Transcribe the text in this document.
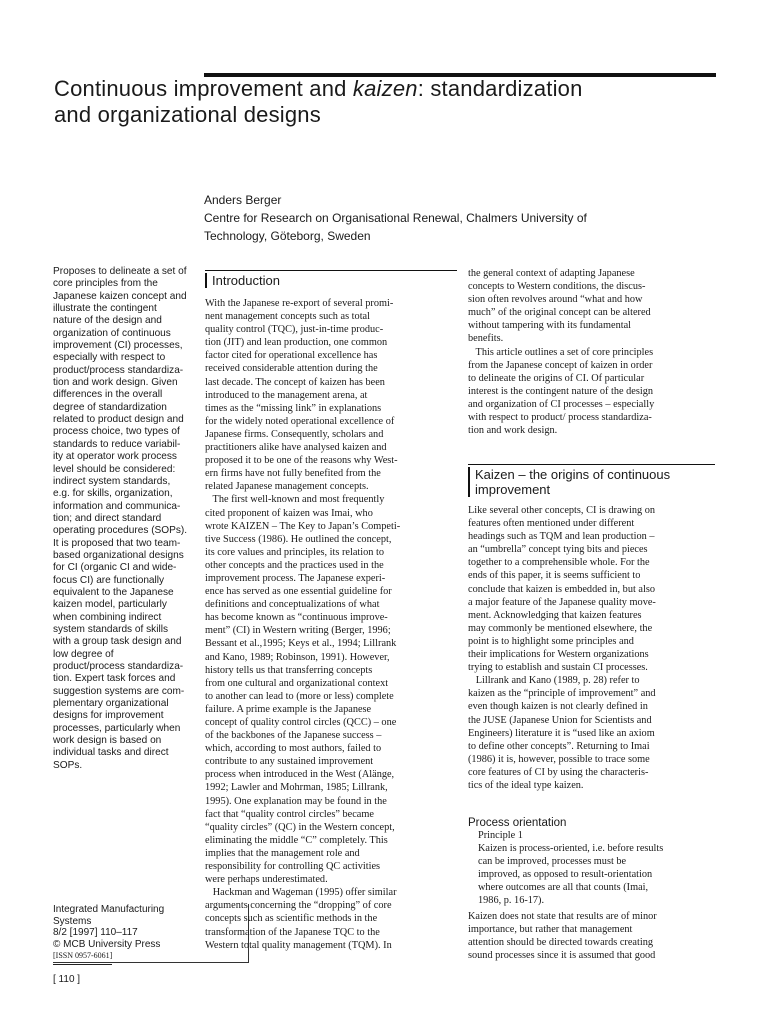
Continuous improvement and kaizen: standardization
and organizational designs
Anders Berger
Centre for Research on Organisational Renewal, Chalmers University of
Technology, Göteborg, Sweden
Proposes to delineate a set of
core principles from the
Japanese kaizen concept and
illustrate the contingent
nature of the design and
organization of continuous
improvement (CI) processes,
especially with respect to
product/process standardiza-
tion and work design. Given
differences in the overall
degree of standardization
related to product design and
process choice, two types of
standards to reduce variabil-
ity at operator work process
level should be considered:
indirect system standards,
e.g. for skills, organization,
information and communica-
tion; and direct standard
operating procedures (SOPs).
It is proposed that two team-
based organizational designs
for CI (organic CI and wide-
focus CI) are functionally
equivalent to the Japanese
kaizen model, particularly
when combining indirect
system standards of skills
with a group task design and
low degree of
product/process standardiza-
tion. Expert task forces and
suggestion systems are com-
plementary organizational
designs for improvement
processes, particularly when
work design is based on
individual tasks and direct
SOPs.
Integrated Manufacturing
Systems
8/2 [1997] 110–117
© MCB University Press
[ISSN 0957-6061]
[ 110 ]
Introduction
With the Japanese re-export of several promi-
nent management concepts such as total
quality control (TQC), just-in-time produc-
tion (JIT) and lean production, one common
factor cited for operational excellence has
received considerable attention during the
last decade. The concept of kaizen has been
introduced to the management arena, at
times as the “missing link” in explanations
for the widely noted operational excellence of
Japanese firms. Consequently, scholars and
practitioners alike have analysed kaizen and
proposed it to be one of the reasons why West-
ern firms have not fully benefited from the
related Japanese management concepts.
The first well-known and most frequently
cited proponent of kaizen was Imai, who
wrote KAIZEN – The Key to Japan’s Competi-
tive Success (1986). He outlined the concept,
its core values and principles, its relation to
other concepts and the practices used in the
improvement process. The Japanese experi-
ence has served as one essential guideline for
definitions and conceptualizations of what
has become known as “continuous improve-
ment” (CI) in Western writing (Berger, 1996;
Bessant et al.,1995; Keys et al., 1994; Lillrank
and Kano, 1989; Robinson, 1991). However,
history tells us that transferring concepts
from one cultural and organizational context
to another can lead to (more or less) complete
failure. A prime example is the Japanese
concept of quality control circles (QCC) – one
of the backbones of the Japanese success –
which, according to most authors, failed to
contribute to any sustained improvement
process when introduced in the West (Alänge,
1992; Lawler and Mohrman, 1985; Lillrank,
1995). One explanation may be found in the
fact that “quality control circles” became
“quality circles” (QC) in the Western concept,
eliminating the middle “C” completely. This
implies that the management role and
responsibility for controlling QC activities
were perhaps underestimated.
Hackman and Wageman (1995) offer similar
arguments concerning the “dropping” of core
concepts such as scientific methods in the
transformation of the Japanese TQC to the
Western total quality management (TQM). In
the general context of adapting Japanese
concepts to Western conditions, the discus-
sion often revolves around “what and how
much” of the original concept can be altered
without tampering with its fundamental
benefits.
This article outlines a set of core principles
from the Japanese concept of kaizen in order
to delineate the origins of CI. Of particular
interest is the contingent nature of the design
and organization of CI processes – especially
with respect to product/ process standardiza-
tion and work design.
Kaizen – the origins of continuous
improvement
Like several other concepts, CI is drawing on
features often mentioned under different
headings such as TQM and lean production –
an “umbrella” concept tying bits and pieces
together to a comprehensible whole. For the
ends of this paper, it is seems sufficient to
conclude that kaizen is embedded in, but also
a major feature of the Japanese quality move-
ment. Acknowledging that kaizen features
may commonly be mentioned elsewhere, the
point is to highlight some principles and
their implications for Western organizations
trying to establish and sustain CI processes.
Lillrank and Kano (1989, p. 28) refer to
kaizen as the “principle of improvement” and
even though kaizen is not clearly defined in
the JUSE (Japanese Union for Scientists and
Engineers) literature it is “used like an axiom
to define other concepts”. Returning to Imai
(1986) it is, however, possible to trace some
core features of CI by using the characteris-
tics of the ideal type kaizen.
Process orientation
Principle 1
Kaizen is process-oriented, i.e. before results
can be improved, processes must be
improved, as opposed to result-orientation
where outcomes are all that counts (Imai,
1986, p. 16-17).
Kaizen does not state that results are of minor
importance, but rather that management
attention should be directed towards creating
sound processes since it is assumed that good
